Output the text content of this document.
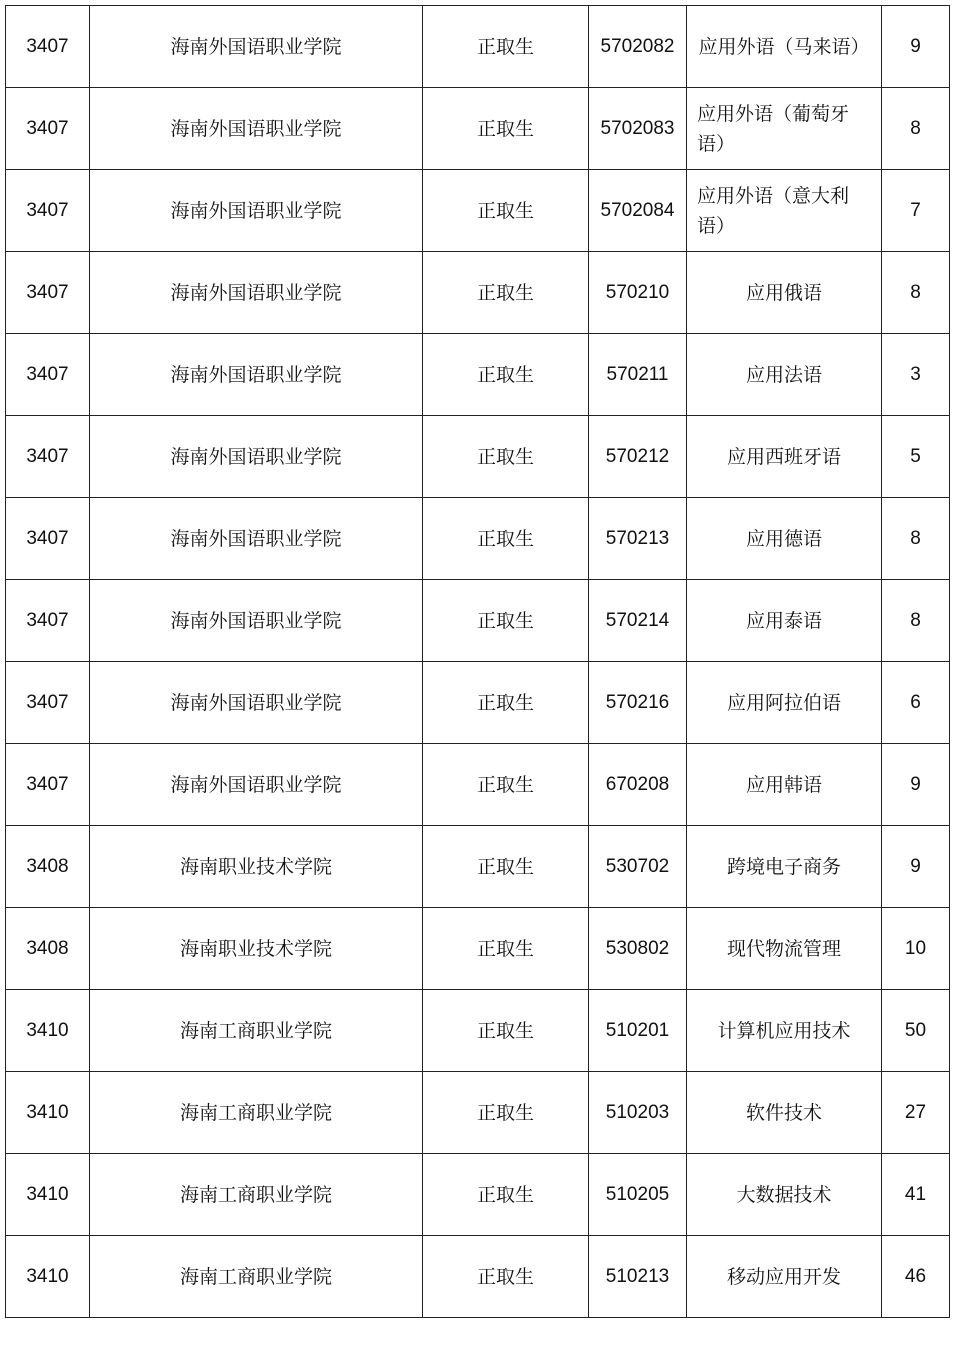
3407	海南外国语职业学院	正取生	5702082	应用外语（马来语）	9
3407	海南外国语职业学院	正取生	5702083	应用外语（葡萄牙语）	8
3407	海南外国语职业学院	正取生	5702084	应用外语（意大利语）	7
3407	海南外国语职业学院	正取生	570210	应用俄语	8
3407	海南外国语职业学院	正取生	570211	应用法语	3
3407	海南外国语职业学院	正取生	570212	应用西班牙语	5
3407	海南外国语职业学院	正取生	570213	应用德语	8
3407	海南外国语职业学院	正取生	570214	应用泰语	8
3407	海南外国语职业学院	正取生	570216	应用阿拉伯语	6
3407	海南外国语职业学院	正取生	670208	应用韩语	9
3408	海南职业技术学院	正取生	530702	跨境电子商务	9
3408	海南职业技术学院	正取生	530802	现代物流管理	10
3410	海南工商职业学院	正取生	510201	计算机应用技术	50
3410	海南工商职业学院	正取生	510203	软件技术	27
3410	海南工商职业学院	正取生	510205	大数据技术	41
3410	海南工商职业学院	正取生	510213	移动应用开发	46
